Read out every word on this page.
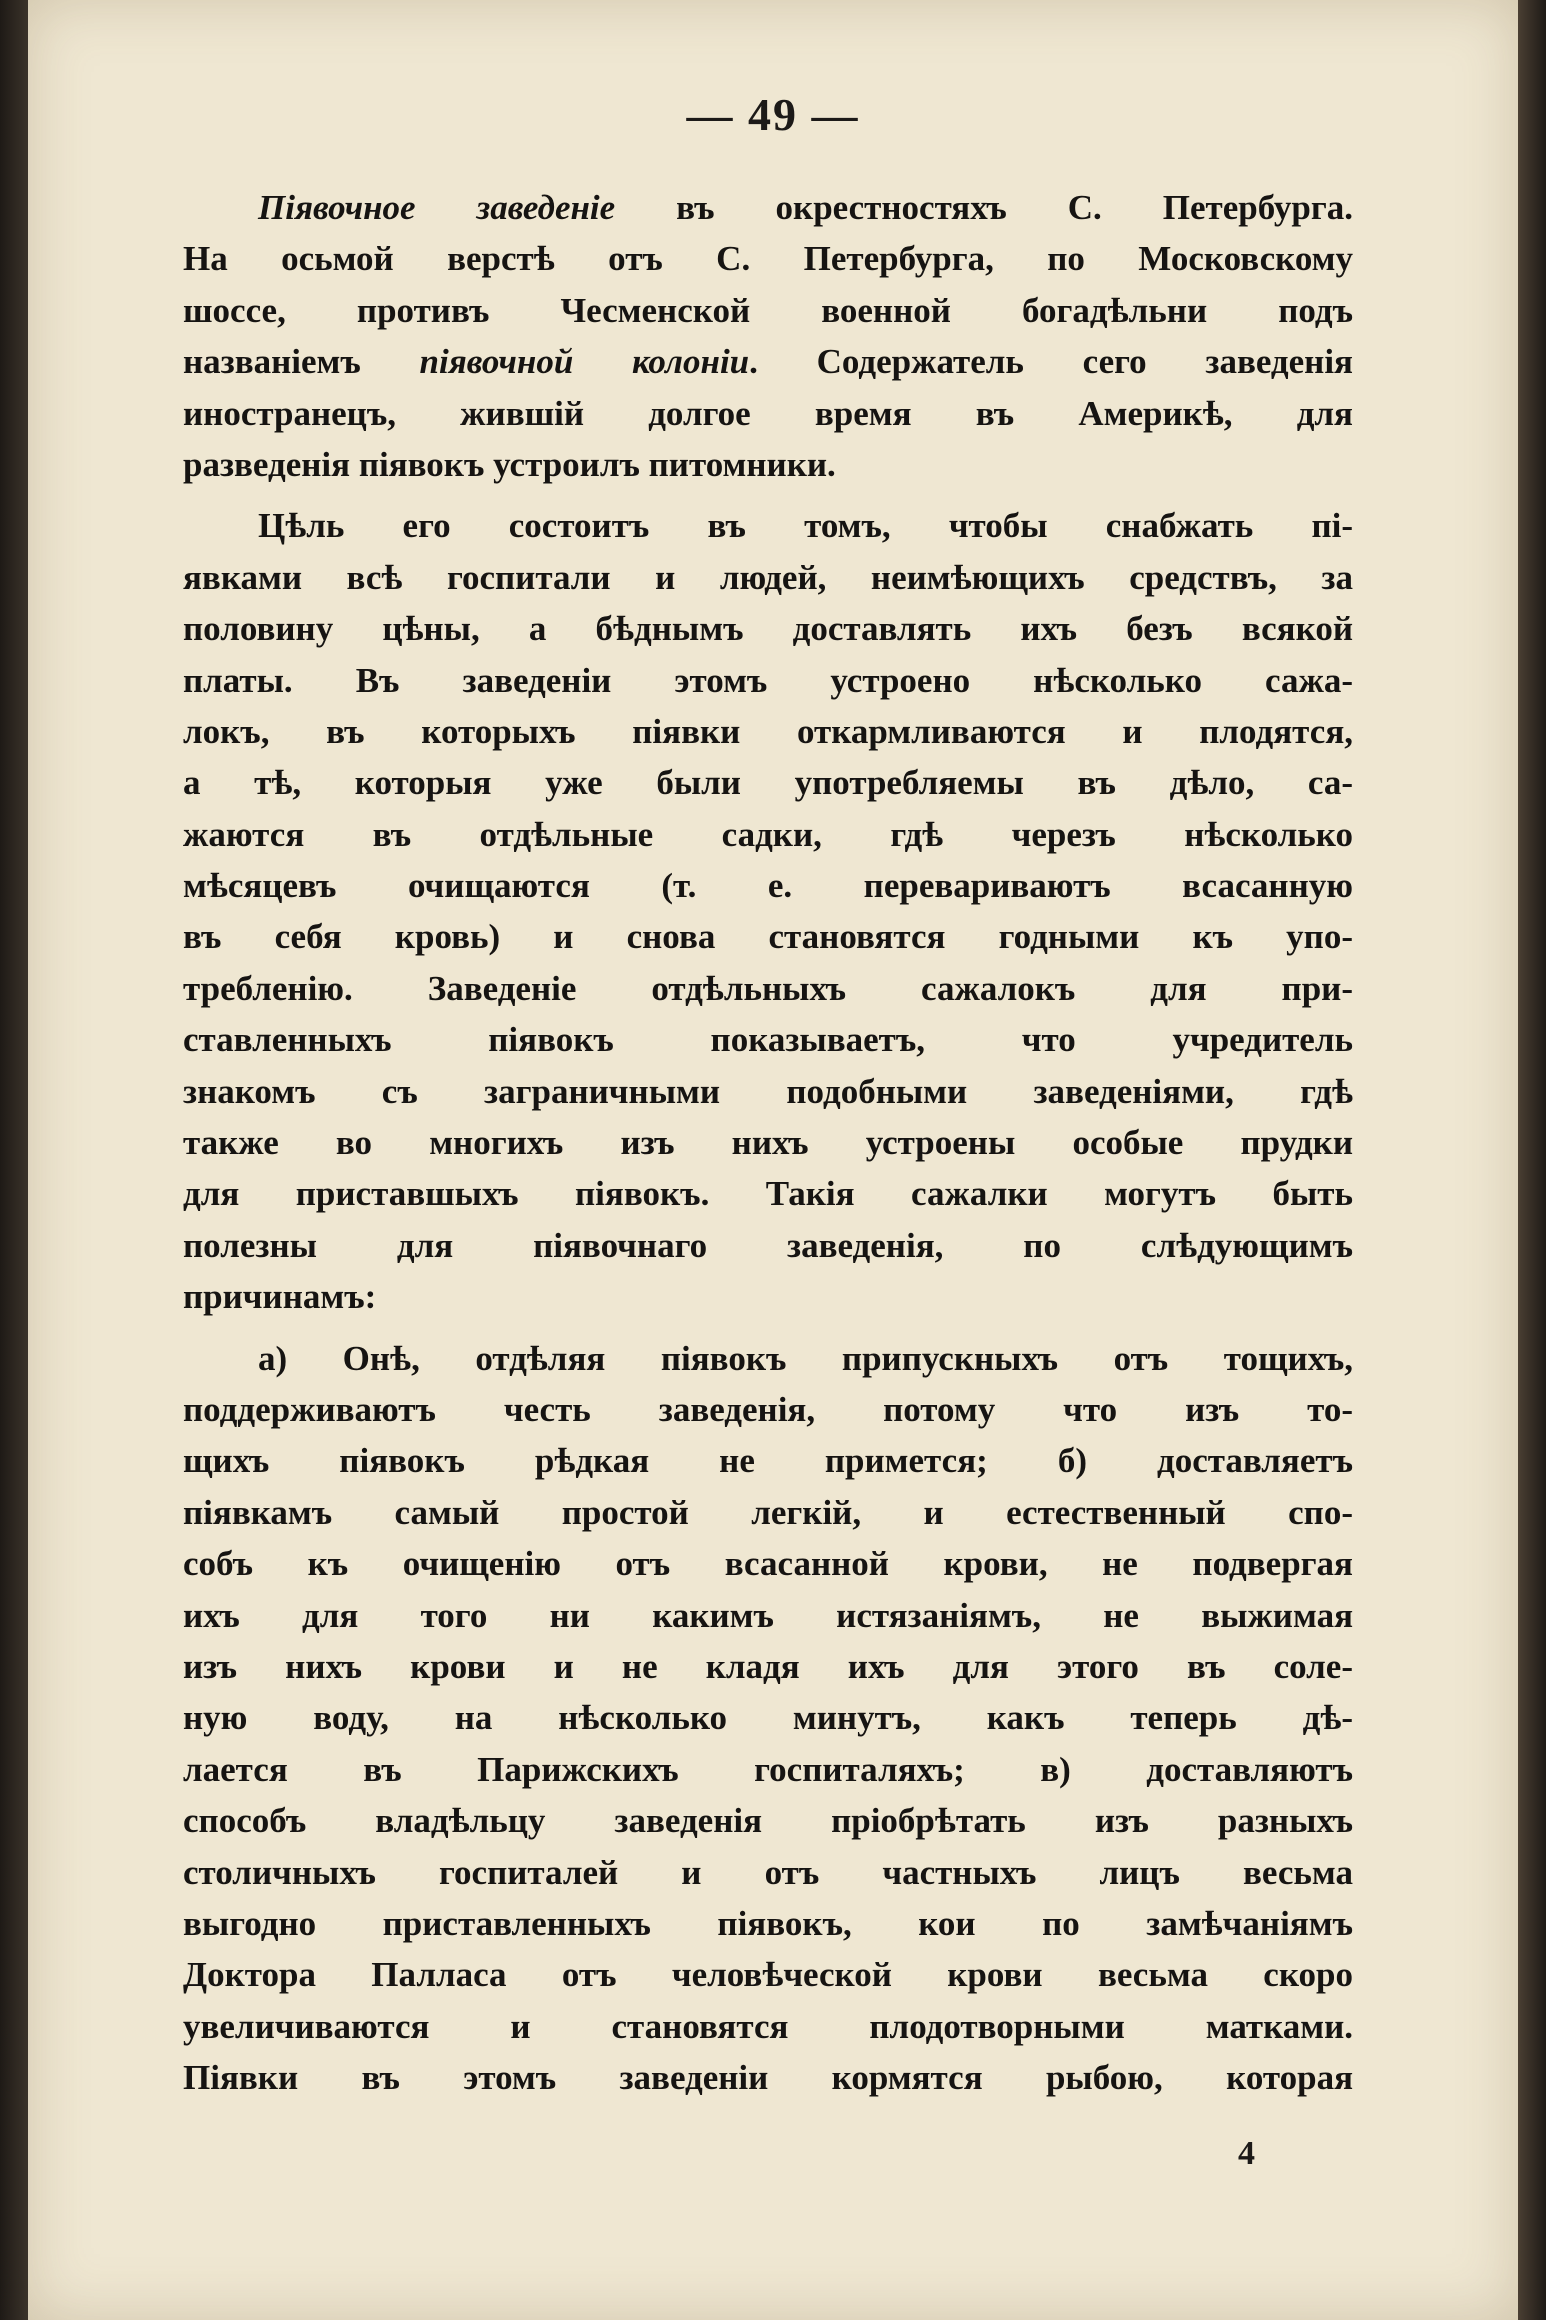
— 49 —
Піявочное заведеніе въ окрестностяхъ С. Петербурга.
На осьмой верстѣ отъ С. Петербурга, по Московскому
шоссе, противъ Чесменской военной богадѣльни подъ
названіемъ піявочной колоніи. Содержатель сего заведенія
иностранецъ, жившій долгое время въ Америкѣ, для
разведенія піявокъ устроилъ питомники.
Цѣль его состоитъ въ томъ, чтобы снабжать пі-
явками всѣ госпитали и людей, неимѣющихъ средствъ, за
половину цѣны, а бѣднымъ доставлять ихъ безъ всякой
платы. Въ заведеніи этомъ устроено нѣсколько сажа-
локъ, въ которыхъ піявки откармливаются и плодятся,
а тѣ, которыя уже были употребляемы въ дѣло, са-
жаются въ отдѣльные садки, гдѣ черезъ нѣсколько
мѣсяцевъ очищаются (т. е. перевариваютъ всасанную
въ себя кровь) и снова становятся годными къ упо-
требленію. Заведеніе отдѣльныхъ сажалокъ для при-
ставленныхъ піявокъ показываетъ, что учредитель
знакомъ съ заграничными подобными заведеніями, гдѣ
также во многихъ изъ нихъ устроены особые прудки
для приставшыхъ піявокъ. Такія сажалки могутъ быть
полезны для піявочнаго заведенія, по слѣдующимъ
причинамъ:
а) Онѣ, отдѣляя піявокъ припускныхъ отъ тощихъ,
поддерживаютъ честь заведенія, потому что изъ то-
щихъ піявокъ рѣдкая не примется; б) доставляетъ
піявкамъ самый простой легкій, и естественный спо-
собъ къ очищенію отъ всасанной крови, не подвергая
ихъ для того ни какимъ истязаніямъ, не выжимая
изъ нихъ крови и не кладя ихъ для этого въ соле-
ную воду, на нѣсколько минутъ, какъ теперь дѣ-
лается въ Парижскихъ госпиталяхъ; в) доставляютъ
способъ владѣльцу заведенія пріобрѣтать изъ разныхъ
столичныхъ госпиталей и отъ частныхъ лицъ весьма
выгодно приставленныхъ піявокъ, кои по замѣчаніямъ
Доктора Палласа отъ человѣческой крови весьма скоро
увеличиваются и становятся плодотворными матками.
Піявки въ этомъ заведеніи кормятся рыбою, которая
4
